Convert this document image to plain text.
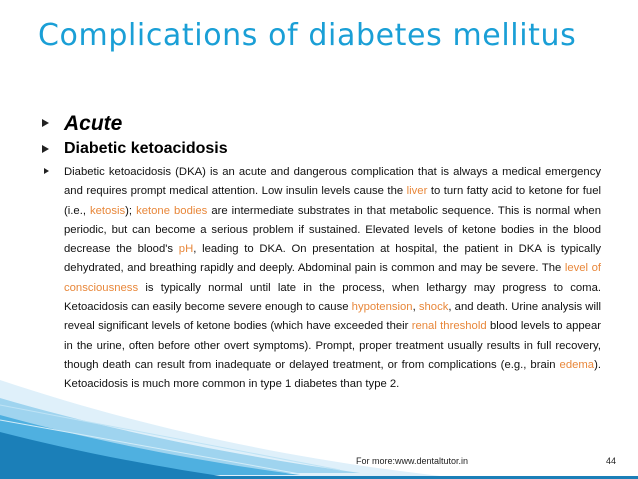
Complications of diabetes mellitus
Acute
Diabetic ketoacidosis
Diabetic ketoacidosis (DKA) is an acute and dangerous complication that is always a medical emergency and requires prompt medical attention. Low insulin levels cause the liver to turn fatty acid to ketone for fuel (i.e., ketosis); ketone bodies are intermediate substrates in that metabolic sequence. This is normal when periodic, but can become a serious problem if sustained. Elevated levels of ketone bodies in the blood decrease the blood's pH, leading to DKA. On presentation at hospital, the patient in DKA is typically dehydrated, and breathing rapidly and deeply. Abdominal pain is common and may be severe. The level of consciousness is typically normal until late in the process, when lethargy may progress to coma. Ketoacidosis can easily become severe enough to cause hypotension, shock, and death. Urine analysis will reveal significant levels of ketone bodies (which have exceeded their renal threshold blood levels to appear in the urine, often before other overt symptoms). Prompt, proper treatment usually results in full recovery, though death can result from inadequate or delayed treatment, or from complications (e.g., brain edema). Ketoacidosis is much more common in type 1 diabetes than type 2.
For more:www.dentaltutor.in	44
